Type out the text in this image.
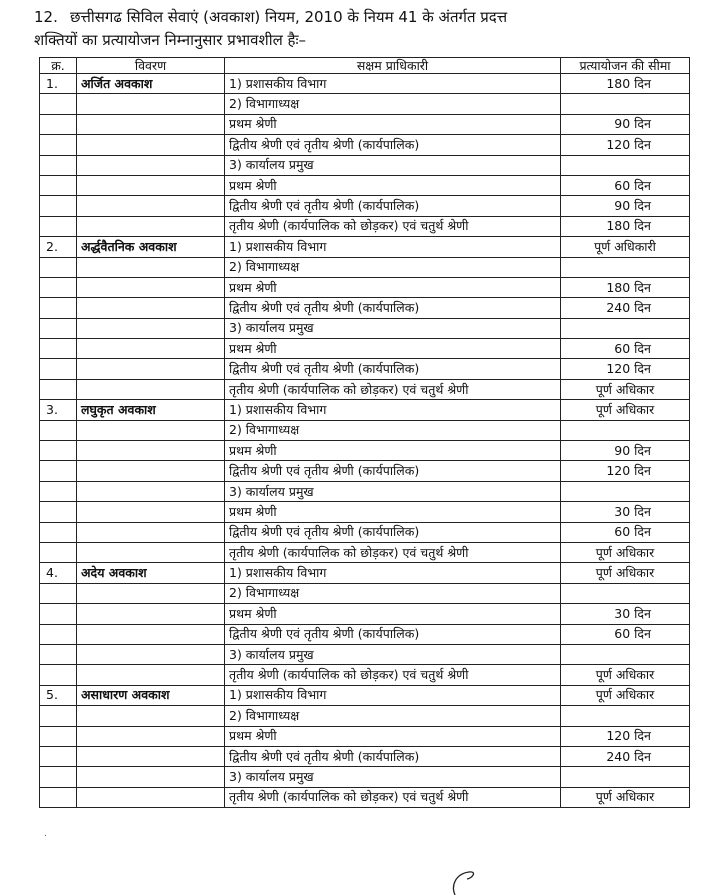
12. छत्तीसगढ सिविल सेवाएं (अवकाश) नियम, 2010 के नियम 41 के अंतर्गत प्रदत्त
शक्तियों का प्रत्यायोजन निम्नानुसार प्रभावशील हैः–
क्र.	विवरण	सक्षम प्राधिकारी	प्रत्यायोजन की सीमा
1.	अर्जित अवकाश	1) प्रशासकीय विभाग	180 दिन
		2) विभागाध्यक्ष	
		प्रथम श्रेणी	90 दिन
		द्वितीय श्रेणी एवं तृतीय श्रेणी (कार्यपालिक)	120 दिन
		3) कार्यालय प्रमुख	
		प्रथम श्रेणी	60 दिन
		द्वितीय श्रेणी एवं तृतीय श्रेणी (कार्यपालिक)	90 दिन
		तृतीय श्रेणी (कार्यपालिक को छोड़कर) एवं चतुर्थ श्रेणी	180 दिन
2.	अर्द्धवैतनिक अवकाश	1) प्रशासकीय विभाग	पूर्ण अधिकारी
		2) विभागाध्यक्ष	
		प्रथम श्रेणी	180 दिन
		द्वितीय श्रेणी एवं तृतीय श्रेणी (कार्यपालिक)	240 दिन
		3) कार्यालय प्रमुख	
		प्रथम श्रेणी	60 दिन
		द्वितीय श्रेणी एवं तृतीय श्रेणी (कार्यपालिक)	120 दिन
		तृतीय श्रेणी (कार्यपालिक को छोड़कर) एवं चतुर्थ श्रेणी	पूर्ण अधिकार
3.	लघुकृत अवकाश	1) प्रशासकीय विभाग	पूर्ण अधिकार
		2) विभागाध्यक्ष	
		प्रथम श्रेणी	90 दिन
		द्वितीय श्रेणी एवं तृतीय श्रेणी (कार्यपालिक)	120 दिन
		3) कार्यालय प्रमुख	
		प्रथम श्रेणी	30 दिन
		द्वितीय श्रेणी एवं तृतीय श्रेणी (कार्यपालिक)	60 दिन
		तृतीय श्रेणी (कार्यपालिक को छोड़कर) एवं चतुर्थ श्रेणी	पूर्ण अधिकार
4.	अदेय अवकाश	1) प्रशासकीय विभाग	पूर्ण अधिकार
		2) विभागाध्यक्ष	
		प्रथम श्रेणी	30 दिन
		द्वितीय श्रेणी एवं तृतीय श्रेणी (कार्यपालिक)	60 दिन
		3) कार्यालय प्रमुख	
		तृतीय श्रेणी (कार्यपालिक को छोड़कर) एवं चतुर्थ श्रेणी	पूर्ण अधिकार
5.	असाधारण अवकाश	1) प्रशासकीय विभाग	पूर्ण अधिकार
		2) विभागाध्यक्ष	
		प्रथम श्रेणी	120 दिन
		द्वितीय श्रेणी एवं तृतीय श्रेणी (कार्यपालिक)	240 दिन
		3) कार्यालय प्रमुख	
		तृतीय श्रेणी (कार्यपालिक को छोड़कर) एवं चतुर्थ श्रेणी	पूर्ण अधिकार
.
